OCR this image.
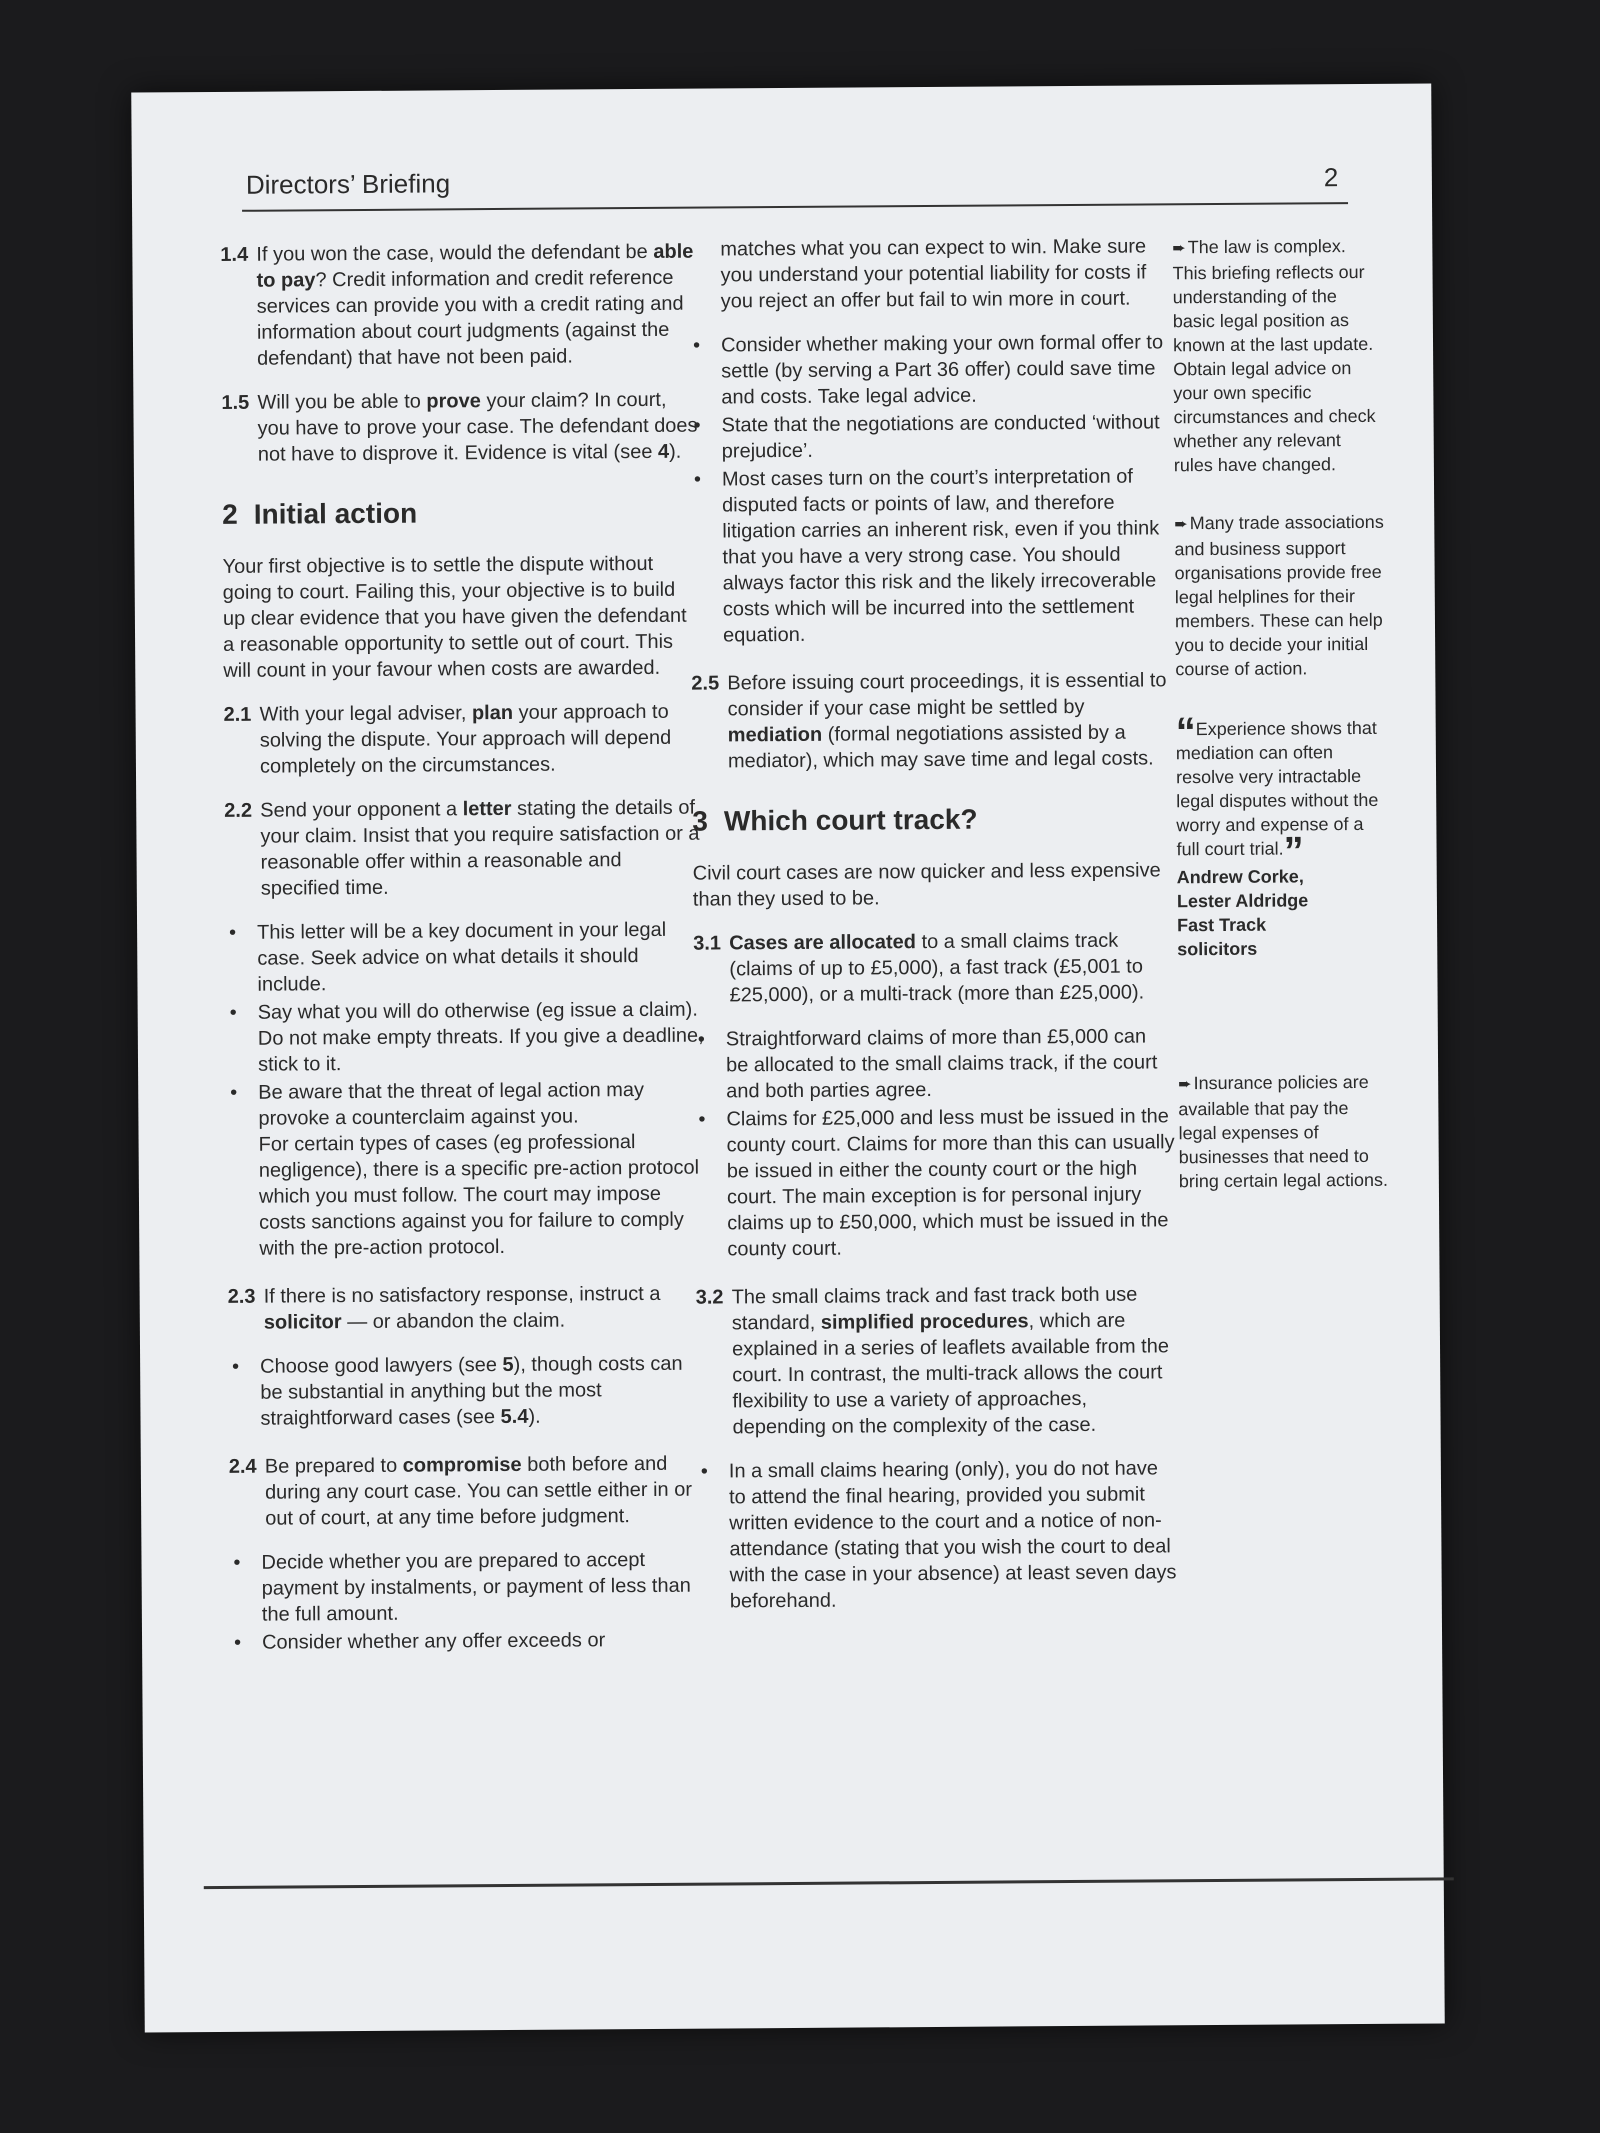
Directors’ Briefing	2

1.4 If you won the case, would the defendant be able to pay? Credit information and credit reference services can provide you with a credit rating and information about court judgments (against the defendant) that have not been paid.

1.5 Will you be able to prove your claim? In court, you have to prove your case. The defendant does not have to disprove it. Evidence is vital (see 4).

2 Initial action

Your first objective is to settle the dispute without going to court. Failing this, your objective is to build up clear evidence that you have given the defendant a reasonable opportunity to settle out of court. This will count in your favour when costs are awarded.

2.1 With your legal adviser, plan your approach to solving the dispute. Your approach will depend completely on the circumstances.

2.2 Send your opponent a letter stating the details of your claim. Insist that you require satisfaction or a reasonable offer within a reasonable and specified time.

• This letter will be a key document in your legal case. Seek advice on what details it should include.
• Say what you will do otherwise (eg issue a claim). Do not make empty threats. If you give a deadline, stick to it.
• Be aware that the threat of legal action may provoke a counterclaim against you.
For certain types of cases (eg professional negligence), there is a specific pre-action protocol which you must follow. The court may impose costs sanctions against you for failure to comply with the pre-action protocol.

2.3 If there is no satisfactory response, instruct a solicitor — or abandon the claim.

• Choose good lawyers (see 5), though costs can be substantial in anything but the most straightforward cases (see 5.4).

2.4 Be prepared to compromise both before and during any court case. You can settle either in or out of court, at any time before judgment.

• Decide whether you are prepared to accept payment by instalments, or payment of less than the full amount.
• Consider whether any offer exceeds or

matches what you can expect to win. Make sure you understand your potential liability for costs if you reject an offer but fail to win more in court.

• Consider whether making your own formal offer to settle (by serving a Part 36 offer) could save time and costs. Take legal advice.
• State that the negotiations are conducted ‘without prejudice’.
• Most cases turn on the court’s interpretation of disputed facts or points of law, and therefore litigation carries an inherent risk, even if you think that you have a very strong case. You should always factor this risk and the likely irrecoverable costs which will be incurred into the settlement equation.

2.5 Before issuing court proceedings, it is essential to consider if your case might be settled by mediation (formal negotiations assisted by a mediator), which may save time and legal costs.

3 Which court track?

Civil court cases are now quicker and less expensive than they used to be.

3.1 Cases are allocated to a small claims track (claims of up to £5,000), a fast track (£5,001 to £25,000), or a multi-track (more than £25,000).

• Straightforward claims of more than £5,000 can be allocated to the small claims track, if the court and both parties agree.
• Claims for £25,000 and less must be issued in the county court. Claims for more than this can usually be issued in either the county court or the high court. The main exception is for personal injury claims up to £50,000, which must be issued in the county court.

3.2 The small claims track and fast track both use standard, simplified procedures, which are explained in a series of leaflets available from the court. In contrast, the multi-track allows the court flexibility to use a variety of approaches, depending on the complexity of the case.

• In a small claims hearing (only), you do not have to attend the final hearing, provided you submit written evidence to the court and a notice of non-attendance (stating that you wish the court to deal with the case in your absence) at least seven days beforehand.
➨ The law is complex. This briefing reflects our understanding of the basic legal position as known at the last update. Obtain legal advice on your own specific circumstances and check whether any relevant rules have changed.
➨ Many trade associations and business support organisations provide free legal helplines for their members. These can help you to decide your initial course of action.
“Experience shows that mediation can often resolve very intractable legal disputes without the worry and expense of a full court trial.”
Andrew Corke,
Lester Aldridge
Fast Track
solicitors
➨ Insurance policies are available that pay the legal expenses of businesses that need to bring certain legal actions.
